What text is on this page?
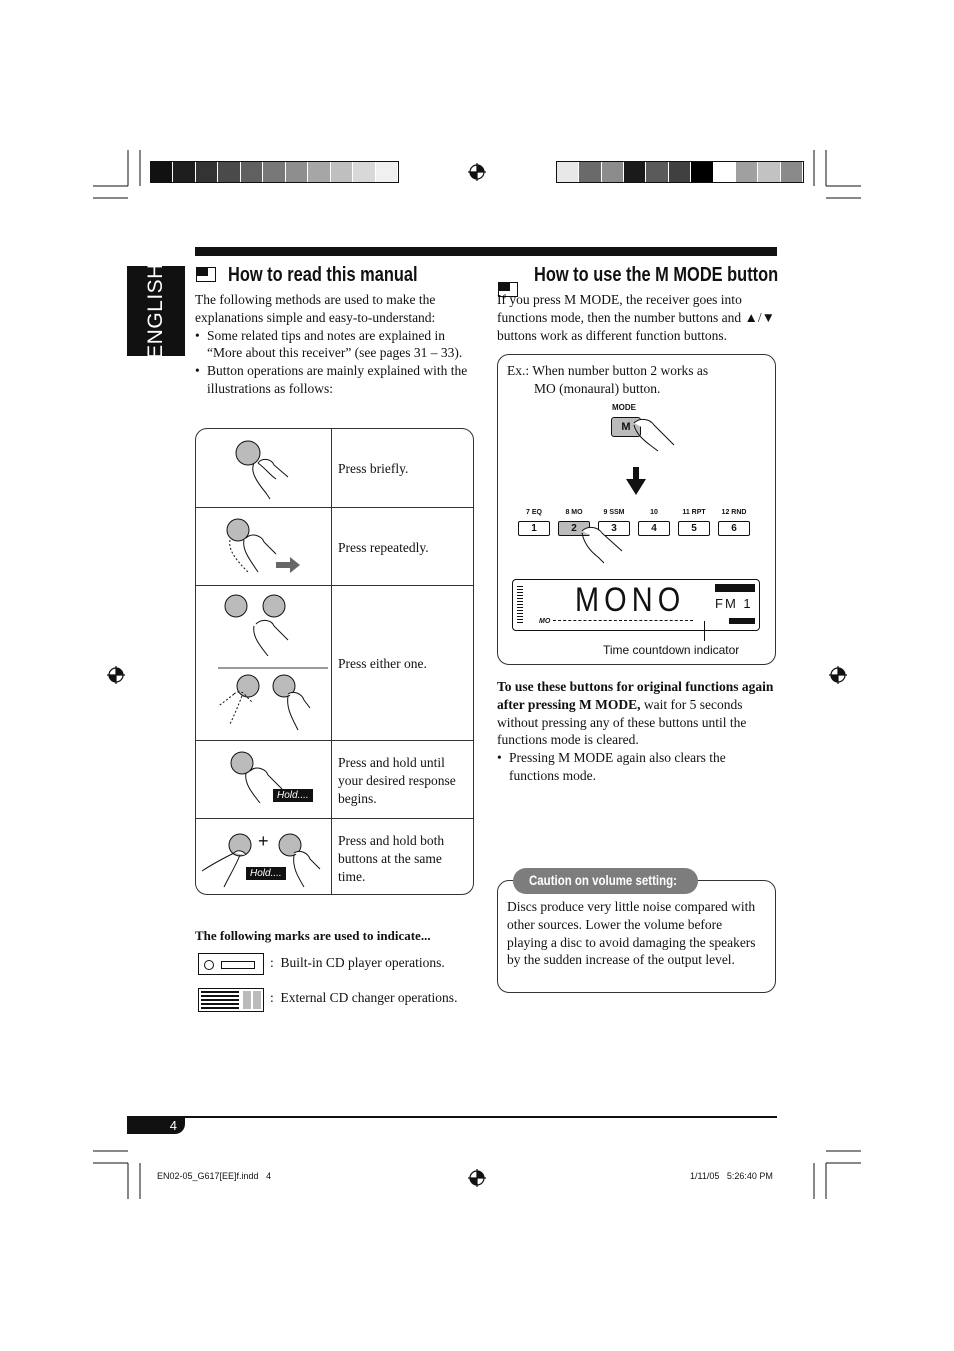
ENGLISH	How to read this manual

The following methods are used to make the explanations simple and easy-to-understand:

• Some related tips and notes are explained in “More about this receiver” (see pages 31 – 33).

• Button operations are mainly explained with the illustrations as follows:

Press briefly.
Press repeatedly.
Press either one.
Hold....
Press and hold until your desired response begins.
+
Hold....
Press and hold both buttons at the same time.
The following marks are used to indicate...
:  Built-in CD player operations.
:  External CD changer operations.
How to use the M MODE button
If you press M MODE, the receiver goes into functions mode, then the number buttons and ▲/▼ buttons work as different function buttons.
Ex.: When number button 2 works as
MO (monaural) button.
MODE
M
7 EQ
1
8 MO
2
9 SSM
3
10
4
11 RPT
5
12 RND
6
MONO FM 1
MO
Time countdown indicator

To use these buttons for original functions again after pressing M MODE, wait for 5 seconds without pressing any of these buttons until the functions mode is cleared.

• Pressing M MODE again also clears the functions mode.

Discs produce very little noise compared with other sources. Lower the volume before playing a disc to avoid damaging the speakers by the sudden increase of the output level.
Caution on volume setting:
4
EN02-05_G617[EE]f.indd   4	1/11/05   5:26:40 PM
